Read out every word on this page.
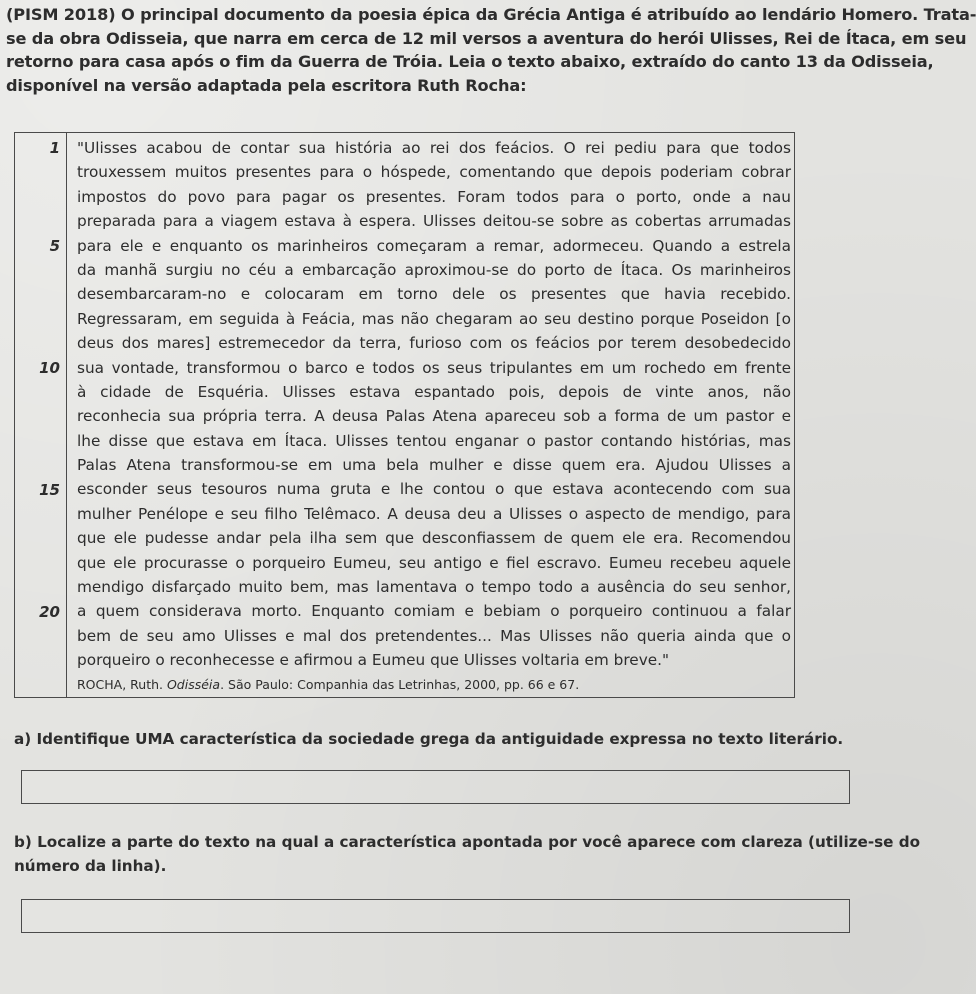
(PISM 2018) O principal documento da poesia épica da Grécia Antiga é atribuído ao lendário Homero. Trata-
se da obra Odisseia, que narra em cerca de 12 mil versos a aventura do herói Ulisses, Rei de Ítaca, em seu
retorno para casa após o fim da Guerra de Tróia. Leia o texto abaixo, extraído do canto 13 da Odisseia,
disponível na versão adaptada pela escritora Ruth Rocha:
1
5
10
15
20
"Ulisses acabou de contar sua história ao rei dos feácios. O rei pediu para que todos
trouxessem muitos presentes para o hóspede, comentando que depois poderiam cobrar
impostos do povo para pagar os presentes. Foram todos para o porto, onde a nau
preparada para a viagem estava à espera. Ulisses deitou-se sobre as cobertas arrumadas
para ele e enquanto os marinheiros começaram a remar, adormeceu. Quando a estrela
da manhã surgiu no céu a embarcação aproximou-se do porto de Ítaca. Os marinheiros
desembarcaram-no e colocaram em torno dele os presentes que havia recebido.
Regressaram, em seguida à Feácia, mas não chegaram ao seu destino porque Poseidon [o
deus dos mares] estremecedor da terra, furioso com os feácios por terem desobedecido
sua vontade, transformou o barco e todos os seus tripulantes em um rochedo em frente
à cidade de Esquéria. Ulisses estava espantado pois, depois de vinte anos, não
reconhecia sua própria terra. A deusa Palas Atena apareceu sob a forma de um pastor e
lhe disse que estava em Ítaca. Ulisses tentou enganar o pastor contando histórias, mas
Palas Atena transformou-se em uma bela mulher e disse quem era. Ajudou Ulisses a
esconder seus tesouros numa gruta e lhe contou o que estava acontecendo com sua
mulher Penélope e seu filho Telêmaco. A deusa deu a Ulisses o aspecto de mendigo, para
que ele pudesse andar pela ilha sem que desconfiassem de quem ele era. Recomendou
que ele procurasse o porqueiro Eumeu, seu antigo e fiel escravo. Eumeu recebeu aquele
mendigo disfarçado muito bem, mas lamentava o tempo todo a ausência do seu senhor,
a quem considerava morto. Enquanto comiam e bebiam o porqueiro continuou a falar
bem de seu amo Ulisses e mal dos pretendentes... Mas Ulisses não queria ainda que o
porqueiro o reconhecesse e afirmou a Eumeu que Ulisses voltaria em breve."
ROCHA, Ruth. Odisséia. São Paulo: Companhia das Letrinhas, 2000, pp. 66 e 67.
a) Identifique UMA característica da sociedade grega da antiguidade expressa no texto literário.
b) Localize a parte do texto na qual a característica apontada por você aparece com clareza (utilize-se do
número da linha).
